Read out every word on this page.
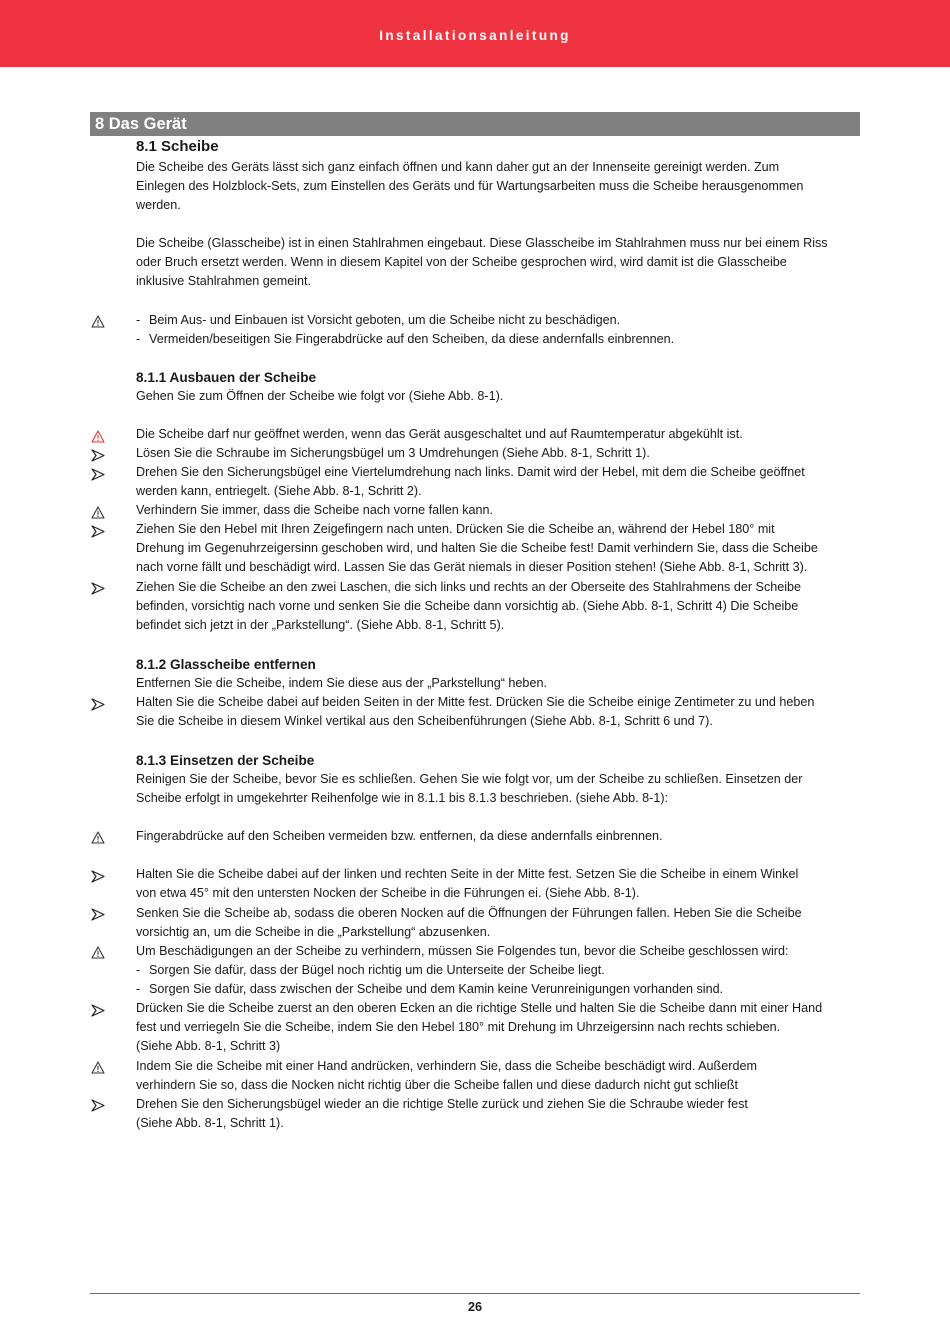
Installationsanleitung
8 Das Gerät

8.1 Scheibe

Die Scheibe des Geräts lässt sich ganz einfach öffnen und kann daher gut an der Innenseite gereinigt werden. Zum

Einlegen des Holzblock-Sets, zum Einstellen des Geräts und für Wartungsarbeiten muss die Scheibe herausgenommen

werden.

Die Scheibe (Glasscheibe) ist in einen Stahlrahmen eingebaut. Diese Glasscheibe im Stahlrahmen muss nur bei einem Riss

oder Bruch ersetzt werden. Wenn in diesem Kapitel von der Scheibe gesprochen wird, wird damit ist die Glasscheibe

inklusive Stahlrahmen gemeint.

- Beim Aus- und Einbauen ist Vorsicht geboten, um die Scheibe nicht zu beschädigen.

- Vermeiden/beseitigen Sie Fingerabdrücke auf den Scheiben, da diese andernfalls einbrennen.

8.1.1 Ausbauen der Scheibe

Gehen Sie zum Öffnen der Scheibe wie folgt vor (Siehe Abb. 8-1).

Die Scheibe darf nur geöffnet werden, wenn das Gerät ausgeschaltet und auf Raumtemperatur abgekühlt ist.

Lösen Sie die Schraube im Sicherungsbügel um 3 Umdrehungen (Siehe Abb. 8-1, Schritt 1).

Drehen Sie den Sicherungsbügel eine Viertelumdrehung nach links. Damit wird der Hebel, mit dem die Scheibe geöffnet

werden kann, entriegelt. (Siehe Abb. 8-1, Schritt 2).

Verhindern Sie immer, dass die Scheibe nach vorne fallen kann.

Ziehen Sie den Hebel mit Ihren Zeigefingern nach unten. Drücken Sie die Scheibe an, während der Hebel 180° mit

Drehung im Gegenuhrzeigersinn geschoben wird, und halten Sie die Scheibe fest! Damit verhindern Sie, dass die Scheibe

nach vorne fällt und beschädigt wird. Lassen Sie das Gerät niemals in dieser Position stehen! (Siehe Abb. 8-1, Schritt 3).

Ziehen Sie die Scheibe an den zwei Laschen, die sich links und rechts an der Oberseite des Stahlrahmens der Scheibe

befinden, vorsichtig nach vorne und senken Sie die Scheibe dann vorsichtig ab. (Siehe Abb. 8-1, Schritt 4) Die Scheibe

befindet sich jetzt in der „Parkstellung“. (Siehe Abb. 8-1, Schritt 5).

8.1.2 Glasscheibe entfernen

Entfernen Sie die Scheibe, indem Sie diese aus der „Parkstellung“ heben.

Halten Sie die Scheibe dabei auf beiden Seiten in der Mitte fest. Drücken Sie die Scheibe einige Zentimeter zu und heben

Sie die Scheibe in diesem Winkel vertikal aus den Scheibenführungen (Siehe Abb. 8-1, Schritt 6 und 7).

8.1.3 Einsetzen der Scheibe

Reinigen Sie der Scheibe, bevor Sie es schließen. Gehen Sie wie folgt vor, um der Scheibe zu schließen. Einsetzen der

Scheibe erfolgt in umgekehrter Reihenfolge wie in 8.1.1 bis 8.1.3 beschrieben. (siehe Abb. 8-1):

Fingerabdrücke auf den Scheiben vermeiden bzw. entfernen, da diese andernfalls einbrennen.

Halten Sie die Scheibe dabei auf der linken und rechten Seite in der Mitte fest. Setzen Sie die Scheibe in einem Winkel

von etwa 45° mit den untersten Nocken der Scheibe in die Führungen ei. (Siehe Abb. 8-1).

Senken Sie die Scheibe ab, sodass die oberen Nocken auf die Öffnungen der Führungen fallen. Heben Sie die Scheibe

vorsichtig an, um die Scheibe in die „Parkstellung“ abzusenken.

Um Beschädigungen an der Scheibe zu verhindern, müssen Sie Folgendes tun, bevor die Scheibe geschlossen wird:

- Sorgen Sie dafür, dass der Bügel noch richtig um die Unterseite der Scheibe liegt.

- Sorgen Sie dafür, dass zwischen der Scheibe und dem Kamin keine Verunreinigungen vorhanden sind.

Drücken Sie die Scheibe zuerst an den oberen Ecken an die richtige Stelle und halten Sie die Scheibe dann mit einer Hand

fest und verriegeln Sie die Scheibe, indem Sie den Hebel 180° mit Drehung im Uhrzeigersinn nach rechts schieben.

(Siehe Abb. 8-1, Schritt 3)

Indem Sie die Scheibe mit einer Hand andrücken, verhindern Sie, dass die Scheibe beschädigt wird. Außerdem

verhindern Sie so, dass die Nocken nicht richtig über die Scheibe fallen und diese dadurch nicht gut schließt

Drehen Sie den Sicherungsbügel wieder an die richtige Stelle zurück und ziehen Sie die Schraube wieder fest

(Siehe Abb. 8-1, Schritt 1).

26
